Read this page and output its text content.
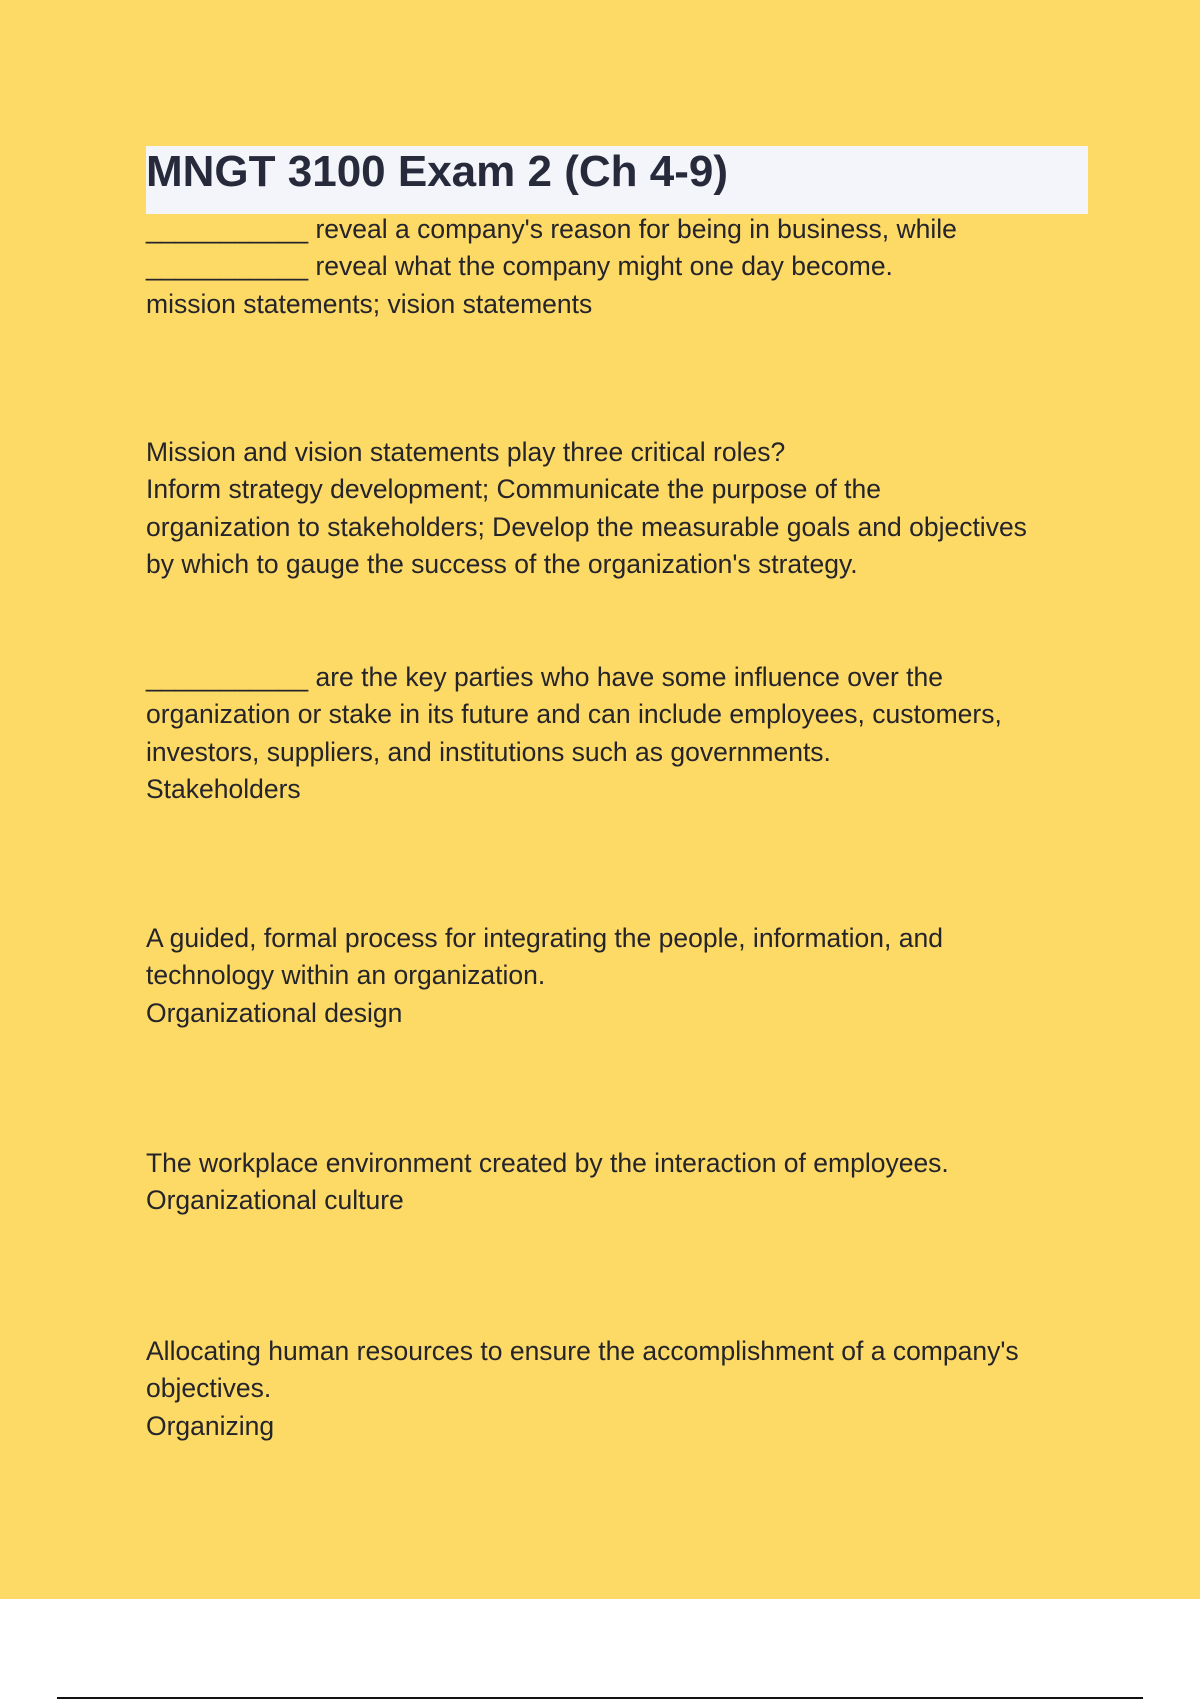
MNGT 3100 Exam 2 (Ch 4-9)

___________ reveal a company's reason for being in business, while
___________ reveal what the company might one day become.

mission statements; vision statements

Mission and vision statements play three critical roles?

Inform strategy development; Communicate the purpose of the
organization to stakeholders; Develop the measurable goals and objectives
by which to gauge the success of the organization's strategy.

___________ are the key parties who have some influence over the
organization or stake in its future and can include employees, customers,
investors, suppliers, and institutions such as governments.

Stakeholders

A guided, formal process for integrating the people, information, and
technology within an organization.

Organizational design

The workplace environment created by the interaction of employees.

Organizational culture

Allocating human resources to ensure the accomplishment of a company's
objectives.

Organizing
